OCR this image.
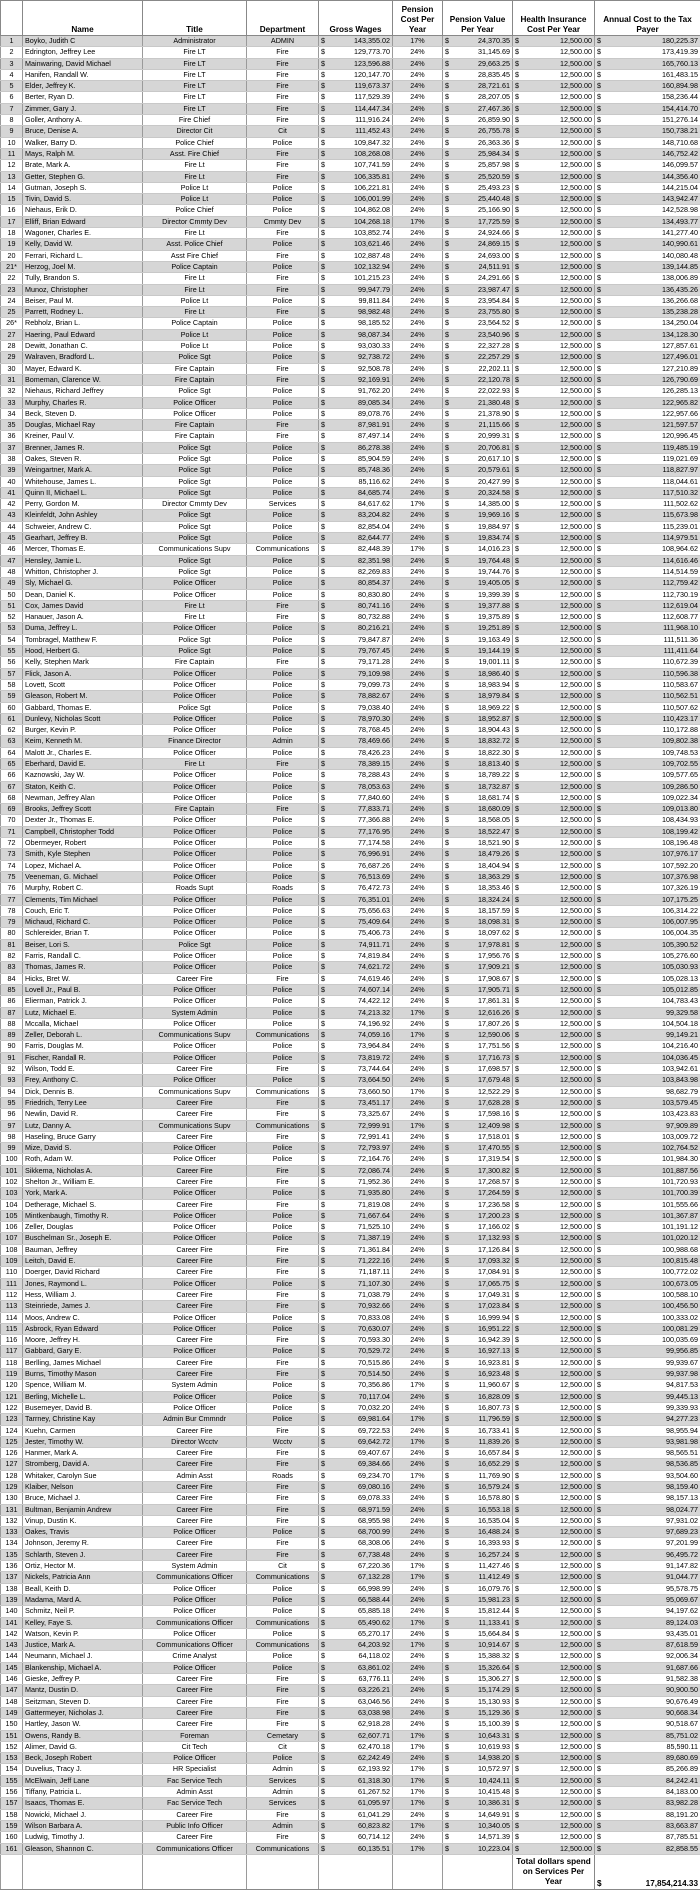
	Name	Title	Department	Gross Wages	Pension Cost Per Year	Pension Value Per Year	Health Insurance Cost Per Year	Annual Cost to the Tax Payer
1	Boyko, Judith C	Administrator	ADMIN	$ 143,355.02	17%	$ 24,370.35	$ 12,500.00	$ 180,225.37
2	Edrington, Jeffrey Lee	Fire LT	Fire	$ 129,773.70	24%	$ 31,145.69	$ 12,500.00	$ 173,419.39
3	Mainwaring, David Michael	Fire LT	Fire	$ 123,596.88	24%	$ 29,663.25	$ 12,500.00	$ 165,760.13
4	Hanifen, Randall W.	Fire LT	Fire	$ 120,147.70	24%	$ 28,835.45	$ 12,500.00	$ 161,483.15
5	Elder, Jeffrey K.	Fire LT	Fire	$ 119,673.37	24%	$ 28,721.61	$ 12,500.00	$ 160,894.98
6	Berter, Ryan D.	Fire LT	Fire	$ 117,529.39	24%	$ 28,207.05	$ 12,500.00	$ 158,236.44
7	Zimmer, Gary J.	Fire LT	Fire	$ 114,447.34	24%	$ 27,467.36	$ 12,500.00	$ 154,414.70
8	Goller, Anthony A.	Fire Chief	Fire	$ 111,916.24	24%	$ 26,859.90	$ 12,500.00	$ 151,276.14
9	Bruce, Denise A.	Director Cit	Cit	$ 111,452.43	24%	$ 26,755.78	$ 12,500.00	$ 150,738.21
10	Walker, Barry D.	Police Chief	Police	$ 109,847.32	24%	$ 26,363.36	$ 12,500.00	$ 148,710.68
11	Mays, Ralph M.	Asst. Fire Chief	Fire	$ 108,268.08	24%	$ 25,984.34	$ 12,500.00	$ 146,752.42
12	Brate, Mark A.	Fire Lt	Fire	$ 107,741.59	24%	$ 25,857.98	$ 12,500.00	$ 146,099.57
13	Getter, Stephen G.	Fire Lt	Fire	$ 106,335.81	24%	$ 25,520.59	$ 12,500.00	$ 144,356.40
14	Gutman, Joseph S.	Police Lt	Police	$ 106,221.81	24%	$ 25,493.23	$ 12,500.00	$ 144,215.04
15	Tivin, David S.	Police Lt	Police	$ 106,001.99	24%	$ 25,440.48	$ 12,500.00	$ 143,942.47
16	Niehaus, Erik D.	Police Chief	Police	$ 104,862.08	24%	$ 25,166.90	$ 12,500.00	$ 142,528.98
17	Elliff, Brian Edward	Director Cmmty Dev	Cmmty Dev	$ 104,268.18	17%	$ 17,725.59	$ 12,500.00	$ 134,493.77
18	Wagoner, Charles E.	Fire Lt	Fire	$ 103,852.74	24%	$ 24,924.66	$ 12,500.00	$ 141,277.40
19	Kelly, David W.	Asst. Police Chief	Police	$ 103,621.46	24%	$ 24,869.15	$ 12,500.00	$ 140,990.61
20	Ferrari, Richard L.	Asst Fire Chief	Fire	$ 102,887.48	24%	$ 24,693.00	$ 12,500.00	$ 140,080.48
21*	Herzog, Joel M.	Police Captain	Police	$ 102,132.94	24%	$ 24,511.91	$ 12,500.00	$ 139,144.85
22	Tully, Brandon S.	Fire Lt	Fire	$ 101,215.23	24%	$ 24,291.66	$ 12,500.00	$ 138,006.89
23	Munoz, Christopher	Fire Lt	Fire	$ 99,947.79	24%	$ 23,987.47	$ 12,500.00	$ 136,435.26
24	Beiser, Paul M.	Police Lt	Police	$ 99,811.84	24%	$ 23,954.84	$ 12,500.00	$ 136,266.68
25	Parrett, Rodney L.	Fire Lt	Fire	$ 98,982.48	24%	$ 23,755.80	$ 12,500.00	$ 135,238.28
26*	Rebholz, Brian L.	Police Captain	Police	$ 98,185.52	24%	$ 23,564.52	$ 12,500.00	$ 134,250.04
27	Haering, Paul Edward	Police Lt	Police	$ 98,087.34	24%	$ 23,540.96	$ 12,500.00	$ 134,128.30
28	Dewitt, Jonathan C.	Police Lt	Police	$ 93,030.33	24%	$ 22,327.28	$ 12,500.00	$ 127,857.61
29	Walraven, Bradford L.	Police Sgt	Police	$ 92,738.72	24%	$ 22,257.29	$ 12,500.00	$ 127,496.01
30	Mayer, Edward K.	Fire Captain	Fire	$ 92,508.78	24%	$ 22,202.11	$ 12,500.00	$ 127,210.89
31	Bomeman, Clarence W.	Fire Captain	Fire	$ 92,169.91	24%	$ 22,120.78	$ 12,500.00	$ 126,790.69
32	Niehaus, Richard Jeffrey	Police Sgt	Police	$ 91,762.20	24%	$ 22,022.93	$ 12,500.00	$ 126,285.13
33	Murphy, Charles R.	Police Officer	Police	$ 89,085.34	24%	$ 21,380.48	$ 12,500.00	$ 122,965.82
34	Beck, Steven D.	Police Officer	Police	$ 89,078.76	24%	$ 21,378.90	$ 12,500.00	$ 122,957.66
35	Douglas, Michael Ray	Fire Captain	Fire	$ 87,981.91	24%	$ 21,115.66	$ 12,500.00	$ 121,597.57
36	Kreiner, Paul V.	Fire Captain	Fire	$ 87,497.14	24%	$ 20,999.31	$ 12,500.00	$ 120,996.45
37	Brenner, James R.	Police Sgt	Police	$ 86,278.38	24%	$ 20,706.81	$ 12,500.00	$ 119,485.19
38	Oakes, Steven R.	Police Sgt	Police	$ 85,904.59	24%	$ 20,617.10	$ 12,500.00	$ 119,021.69
39	Weingartner, Mark A.	Police Sgt	Police	$ 85,748.36	24%	$ 20,579.61	$ 12,500.00	$ 118,827.97
40	Whitehouse, James L.	Police Sgt	Police	$ 85,116.62	24%	$ 20,427.99	$ 12,500.00	$ 118,044.61
41	Quinn II, Michael L.	Police Sgt	Police	$ 84,685.74	24%	$ 20,324.58	$ 12,500.00	$ 117,510.32
42	Perry, Gordon M.	Director Cmmty Dev	Services	$ 84,617.62	17%	$ 14,385.00	$ 12,500.00	$ 111,502.62
43	Kleinfeldt, John Ashley	Police Sgt	Police	$ 83,204.82	24%	$ 19,969.16	$ 12,500.00	$ 115,673.98
44	Schweier, Andrew C.	Police Sgt	Police	$ 82,854.04	24%	$ 19,884.97	$ 12,500.00	$ 115,239.01
45	Gearhart, Jeffrey B.	Police Sgt	Police	$ 82,644.77	24%	$ 19,834.74	$ 12,500.00	$ 114,979.51
46	Mercer, Thomas E.	Communications Supv	Communications	$ 82,448.39	17%	$ 14,016.23	$ 12,500.00	$ 108,964.62
47	Hensley, Jamie L.	Police Sgt	Police	$ 82,351.98	24%	$ 19,764.48	$ 12,500.00	$ 114,616.46
48	Whitton, Christopher J.	Police Sgt	Police	$ 82,269.83	24%	$ 19,744.76	$ 12,500.00	$ 114,514.59
49	Sly, Michael G.	Police Officer	Police	$ 80,854.37	24%	$ 19,405.05	$ 12,500.00	$ 112,759.42
50	Dean, Daniel K.	Police Officer	Police	$ 80,830.80	24%	$ 19,399.39	$ 12,500.00	$ 112,730.19
51	Cox, James David	Fire Lt	Fire	$ 80,741.16	24%	$ 19,377.88	$ 12,500.00	$ 112,619.04
52	Hanauer, Jason A.	Fire Lt	Fire	$ 80,732.88	24%	$ 19,375.89	$ 12,500.00	$ 112,608.77
53	Duma, Jeffrey L.	Police Officer	Police	$ 80,216.21	24%	$ 19,251.89	$ 12,500.00	$ 111,968.10
54	Tombragel, Matthew F.	Police Sgt	Police	$ 79,847.87	24%	$ 19,163.49	$ 12,500.00	$ 111,511.36
55	Hood, Herbert G.	Police Sgt	Police	$ 79,767.45	24%	$ 19,144.19	$ 12,500.00	$ 111,411.64
56	Kelly, Stephen Mark	Fire Captain	Fire	$ 79,171.28	24%	$ 19,001.11	$ 12,500.00	$ 110,672.39
57	Flick, Jason A.	Police Officer	Police	$ 79,109.98	24%	$ 18,986.40	$ 12,500.00	$ 110,596.38
58	Lovett, Scott	Police Officer	Police	$ 79,099.73	24%	$ 18,983.94	$ 12,500.00	$ 110,583.67
59	Gleason, Robert M.	Police Officer	Police	$ 78,882.67	24%	$ 18,979.84	$ 12,500.00	$ 110,562.51
60	Gabbard, Thomas E.	Police Sgt	Police	$ 79,038.40	24%	$ 18,969.22	$ 12,500.00	$ 110,507.62
61	Dunlevy, Nicholas Scott	Police Officer	Police	$ 78,970.30	24%	$ 18,952.87	$ 12,500.00	$ 110,423.17
62	Burger, Kevin P.	Police Officer	Police	$ 78,768.45	24%	$ 18,904.43	$ 12,500.00	$ 110,172.88
63	Keim, Kenneth M.	Finance Director	Admin	$ 78,469.66	24%	$ 18,832.72	$ 12,500.00	$ 109,802.38
64	Malott Jr., Charles E.	Police Officer	Police	$ 78,426.23	24%	$ 18,822.30	$ 12,500.00	$ 109,748.53
65	Eberhard, David E.	Fire Lt	Fire	$ 78,389.15	24%	$ 18,813.40	$ 12,500.00	$ 109,702.55
66	Kaznowski, Jay W.	Police Officer	Police	$ 78,288.43	24%	$ 18,789.22	$ 12,500.00	$ 109,577.65
67	Staton, Keith C.	Police Officer	Police	$ 78,053.63	24%	$ 18,732.87	$ 12,500.00	$ 109,286.50
68	Newman, Jeffrey Alan	Police Officer	Police	$ 77,840.60	24%	$ 18,681.74	$ 12,500.00	$ 109,022.34
69	Brooks, Jeffrey Scott	Fire Captain	Fire	$ 77,833.71	24%	$ 18,680.09	$ 12,500.00	$ 109,013.80
70	Dexter Jr., Thomas E.	Police Officer	Police	$ 77,366.88	24%	$ 18,568.05	$ 12,500.00	$ 108,434.93
71	Campbell, Christopher Todd	Police Officer	Police	$ 77,176.95	24%	$ 18,522.47	$ 12,500.00	$ 108,199.42
72	Obermeyer, Robert	Police Officer	Police	$ 77,174.58	24%	$ 18,521.90	$ 12,500.00	$ 108,196.48
73	Smith, Kyle Stephen	Police Officer	Police	$ 76,996.91	24%	$ 18,479.26	$ 12,500.00	$ 107,976.17
74	Lopez, Michael A.	Police Officer	Police	$ 76,687.26	24%	$ 18,404.94	$ 12,500.00	$ 107,592.20
75	Veeneman, G. Michael	Police Officer	Police	$ 76,513.69	24%	$ 18,363.29	$ 12,500.00	$ 107,376.98
76	Murphy, Robert C.	Roads Supt	Roads	$ 76,472.73	24%	$ 18,353.46	$ 12,500.00	$ 107,326.19
77	Clements, Tim Michael	Police Officer	Police	$ 76,351.01	24%	$ 18,324.24	$ 12,500.00	$ 107,175.25
78	Couch, Eric T.	Police Officer	Police	$ 75,656.63	24%	$ 18,157.59	$ 12,500.00	$ 106,314.22
79	Michaud, Richard C.	Police Officer	Police	$ 75,409.64	24%	$ 18,098.31	$ 12,500.00	$ 106,007.95
80	Schlereider, Brian T.	Police Officer	Police	$ 75,406.73	24%	$ 18,097.62	$ 12,500.00	$ 106,004.35
81	Beiser, Lori S.	Police Sgt	Police	$ 74,911.71	24%	$ 17,978.81	$ 12,500.00	$ 105,390.52
82	Farris, Randall C.	Police Officer	Police	$ 74,819.84	24%	$ 17,956.76	$ 12,500.00	$ 105,276.60
83	Thomas, James R.	Police Officer	Police	$ 74,621.72	24%	$ 17,909.21	$ 12,500.00	$ 105,030.93
84	Hicks, Bret W.	Career Fire	Fire	$ 74,619.46	24%	$ 17,908.67	$ 12,500.00	$ 105,028.13
85	Lovell Jr., Paul B.	Police Officer	Police	$ 74,607.14	24%	$ 17,905.71	$ 12,500.00	$ 105,012.85
86	Elierman, Patrick J.	Police Officer	Police	$ 74,422.12	24%	$ 17,861.31	$ 12,500.00	$ 104,783.43
87	Lutz, Michael E.	System Admin	Police	$ 74,213.32	17%	$ 12,616.26	$ 12,500.00	$ 99,329.58
88	Mccalla, Michael	Police Officer	Police	$ 74,196.92	24%	$ 17,807.26	$ 12,500.00	$ 104,504.18
89	Zeller, Deborah L.	Communications Supv	Communications	$ 74,059.16	17%	$ 12,590.06	$ 12,500.00	$ 99,149.21
90	Farris, Douglas M.	Police Officer	Police	$ 73,964.84	24%	$ 17,751.56	$ 12,500.00	$ 104,216.40
91	Fischer, Randall R.	Police Officer	Police	$ 73,819.72	24%	$ 17,716.73	$ 12,500.00	$ 104,036.45
92	Wilson, Todd E.	Career Fire	Fire	$ 73,744.64	24%	$ 17,698.57	$ 12,500.00	$ 103,942.61
93	Frey, Anthony C.	Police Officer	Police	$ 73,664.50	24%	$ 17,679.48	$ 12,500.00	$ 103,843.98
94	Dick, Dennis B.	Communications Supv	Communications	$ 73,660.50	17%	$ 12,522.29	$ 12,500.00	$ 98,682.79
95	Friedrich, Terry Lee	Career Fire	Fire	$ 73,451.17	24%	$ 17,628.28	$ 12,500.00	$ 103,579.45
96	Newlin, David R.	Career Fire	Fire	$ 73,325.67	24%	$ 17,598.16	$ 12,500.00	$ 103,423.83
97	Lutz, Danny A.	Communications Supv	Communications	$ 72,999.91	17%	$ 12,409.98	$ 12,500.00	$ 97,909.89
98	Haseling, Bruce Garry	Career Fire	Fire	$ 72,991.41	24%	$ 17,518.01	$ 12,500.00	$ 103,009.72
99	Mize, David S.	Police Officer	Police	$ 72,793.97	24%	$ 17,470.55	$ 12,500.00	$ 102,764.52
100	Roth, Adam W.	Police Officer	Police	$ 72,164.76	24%	$ 17,319.54	$ 12,500.00	$ 101,984.30
101	Sikkema, Nicholas A.	Career Fire	Fire	$ 72,086.74	24%	$ 17,300.82	$ 12,500.00	$ 101,887.56
102	Shelton Jr., William E.	Career Fire	Fire	$ 71,952.36	24%	$ 17,268.57	$ 12,500.00	$ 101,720.93
103	York, Mark A.	Police Officer	Police	$ 71,935.80	24%	$ 17,264.59	$ 12,500.00	$ 101,700.39
104	Detherage, Michael S.	Career Fire	Fire	$ 71,819.08	24%	$ 17,236.58	$ 12,500.00	$ 101,555.66
105	Mintkenbaugh, Timothy R.	Police Officer	Police	$ 71,667.64	24%	$ 17,200.23	$ 12,500.00	$ 101,367.87
106	Zeller, Douglas	Police Officer	Police	$ 71,525.10	24%	$ 17,166.02	$ 12,500.00	$ 101,191.12
107	Buschelman Sr., Joseph E.	Police Officer	Police	$ 71,387.19	24%	$ 17,132.93	$ 12,500.00	$ 101,020.12
108	Bauman, Jeffrey	Career Fire	Fire	$ 71,361.84	24%	$ 17,126.84	$ 12,500.00	$ 100,988.68
109	Leitch, David E.	Career Fire	Fire	$ 71,222.16	24%	$ 17,093.32	$ 12,500.00	$ 100,815.48
110	Doerger, David Richard	Career Fire	Fire	$ 71,187.11	24%	$ 17,084.91	$ 12,500.00	$ 100,772.02
111	Jones, Raymond L.	Police Officer	Police	$ 71,107.30	24%	$ 17,065.75	$ 12,500.00	$ 100,673.05
112	Hess, William J.	Career Fire	Fire	$ 71,038.79	24%	$ 17,049.31	$ 12,500.00	$ 100,588.10
113	Steinriede, James J.	Career Fire	Fire	$ 70,932.66	24%	$ 17,023.84	$ 12,500.00	$ 100,456.50
114	Moos, Andrew C.	Police Officer	Police	$ 70,833.08	24%	$ 16,999.94	$ 12,500.00	$ 100,333.02
115	Asbrock, Ryan Edward	Police Officer	Police	$ 70,630.07	24%	$ 16,951.22	$ 12,500.00	$ 100,081.29
116	Moore, Jeffrey H.	Career Fire	Fire	$ 70,593.30	24%	$ 16,942.39	$ 12,500.00	$ 100,035.69
117	Gabbard, Gary E.	Police Officer	Police	$ 70,529.72	24%	$ 16,927.13	$ 12,500.00	$ 99,956.85
118	Berlling, James Michael	Career Fire	Fire	$ 70,515.86	24%	$ 16,923.81	$ 12,500.00	$ 99,939.67
119	Burns, Timothy Mason	Career Fire	Fire	$ 70,514.50	24%	$ 16,923.48	$ 12,500.00	$ 99,937.98
120	Spence, William M.	System Admin	Police	$ 70,356.86	17%	$ 11,960.67	$ 12,500.00	$ 94,817.53
121	Berling, Michelle L.	Police Officer	Police	$ 70,117.04	24%	$ 16,828.09	$ 12,500.00	$ 99,445.13
122	Busemeyer, David B.	Police Officer	Police	$ 70,032.20	24%	$ 16,807.73	$ 12,500.00	$ 99,339.93
123	Tarrney, Christine Kay	Admin Bur Cmmndr	Police	$ 69,981.64	17%	$ 11,796.59	$ 12,500.00	$ 94,277.23
124	Kuehn, Carmen	Career Fire	Fire	$ 69,722.53	24%	$ 16,733.41	$ 12,500.00	$ 98,955.94
125	Jester, Timothy W.	Director Wcctv	Wcctv	$ 69,642.72	17%	$ 11,839.26	$ 12,500.00	$ 93,981.98
126	Hanmer, Mark A.	Career Fire	Fire	$ 69,407.67	24%	$ 16,657.84	$ 12,500.00	$ 98,565.51
127	Stromberg, David A.	Career Fire	Fire	$ 69,384.66	24%	$ 16,652.29	$ 12,500.00	$ 98,536.85
128	Whitaker, Carolyn Sue	Admin Asst	Roads	$ 69,234.70	17%	$ 11,769.90	$ 12,500.00	$ 93,504.60
129	Klaiber, Nelson	Career Fire	Fire	$ 69,080.16	24%	$ 16,579.24	$ 12,500.00	$ 98,159.40
130	Bruce, Michael J.	Career Fire	Fire	$ 69,078.33	24%	$ 16,578.80	$ 12,500.00	$ 98,157.13
131	Bultman, Benjamin Andrew	Career Fire	Fire	$ 68,971.59	24%	$ 16,553.18	$ 12,500.00	$ 98,024.77
132	Vinup, Dustin K.	Career Fire	Fire	$ 68,955.98	24%	$ 16,535.04	$ 12,500.00	$ 97,931.02
133	Oakes, Travis	Police Officer	Police	$ 68,700.99	24%	$ 16,488.24	$ 12,500.00	$ 97,689.23
134	Johnson, Jeremy R.	Career Fire	Fire	$ 68,308.06	24%	$ 16,393.93	$ 12,500.00	$ 97,201.99
135	Schlarth, Steven J.	Career Fire	Fire	$ 67,738.48	24%	$ 16,257.24	$ 12,500.00	$ 96,495.72
136	Ortiz, Hector M.	System Admin	Cit	$ 67,220.36	17%	$ 11,427.46	$ 12,500.00	$ 91,147.82
137	Nickels, Patricia Ann	Communications Officer	Communications	$ 67,132.28	17%	$ 11,412.49	$ 12,500.00	$ 91,044.77
138	Beall, Keith D.	Police Officer	Police	$ 66,998.99	24%	$ 16,079.76	$ 12,500.00	$ 95,578.75
139	Madama, Mard A.	Police Officer	Police	$ 66,588.44	24%	$ 15,981.23	$ 12,500.00	$ 95,069.67
140	Schmitz, Neil P.	Police Officer	Police	$ 65,885.18	24%	$ 15,812.44	$ 12,500.00	$ 94,197.62
141	Kelley, Faye S.	Communications Officer	Communications	$ 65,490.62	17%	$ 11,133.41	$ 12,500.00	$ 89,124.03
142	Watson, Kevin P.	Police Officer	Police	$ 65,270.17	24%	$ 15,664.84	$ 12,500.00	$ 93,435.01
143	Justice, Mark A.	Communications Officer	Communications	$ 64,203.92	17%	$ 10,914.67	$ 12,500.00	$ 87,618.59
144	Neumann, Michael J.	Crime Analyst	Police	$ 64,118.02	24%	$ 15,388.32	$ 12,500.00	$ 92,006.34
145	Blankenship, Michael A.	Police Officer	Police	$ 63,861.02	24%	$ 15,326.64	$ 12,500.00	$ 91,687.66
146	Gieske, Jeffrey P.	Career Fire	Fire	$ 63,776.11	24%	$ 15,306.27	$ 12,500.00	$ 91,582.38
147	Mantz, Dustin D.	Career Fire	Fire	$ 63,226.21	24%	$ 15,174.29	$ 12,500.00	$ 90,900.50
148	Seitzman, Steven D.	Career Fire	Fire	$ 63,046.56	24%	$ 15,130.93	$ 12,500.00	$ 90,676.49
149	Gattermeyer, Nicholas J.	Career Fire	Fire	$ 63,038.98	24%	$ 15,129.36	$ 12,500.00	$ 90,668.34
150	Hartley, Jason W.	Career Fire	Fire	$ 62,918.28	24%	$ 15,100.39	$ 12,500.00	$ 90,518.67
151	Owens, Randy B.	Foreman	Cemetary	$ 62,607.71	17%	$ 10,643.31	$ 12,500.00	$ 85,751.02
152	Alimer, David G.	Cit Tech	Cit	$ 62,470.18	17%	$ 10,619.93	$ 12,500.00	$ 85,590.11
153	Beck, Joseph Robert	Police Officer	Police	$ 62,242.49	24%	$ 14,938.20	$ 12,500.00	$ 89,680.69
154	Duvelius, Tracy J.	HR Specialist	Admin	$ 62,193.92	17%	$ 10,572.97	$ 12,500.00	$ 85,266.89
155	McElwain, Jeff Lane	Fac Service Tech	Services	$ 61,318.30	17%	$ 10,424.11	$ 12,500.00	$ 84,242.41
156	Tiffany, Patricia L.	Admin Asst	Admin	$ 61,267.52	17%	$ 10,415.48	$ 12,500.00	$ 84,183.00
157	Isaacs, Thomas E.	Fac Service Tech	Services	$ 61,095.97	17%	$ 10,386.31	$ 12,500.00	$ 83,982.28
158	Nowicki, Michael J.	Career Fire	Fire	$ 61,041.29	24%	$ 14,649.91	$ 12,500.00	$ 88,191.20
159	Wilson Barbara A.	Public Info Officer	Admin	$ 60,823.82	17%	$ 10,340.05	$ 12,500.00	$ 83,663.87
160	Ludwig, Timothy J.	Career Fire	Fire	$ 60,714.12	24%	$ 14,571.39	$ 12,500.00	$ 87,785.51
161	Gleason, Shannon C.	Communications Officer	Communications	$ 60,135.51	17%	$ 10,223.04	$ 12,500.00	$ 82,858.55
							Total dollars spend on Services Per Year	$ 17,854,214.33
